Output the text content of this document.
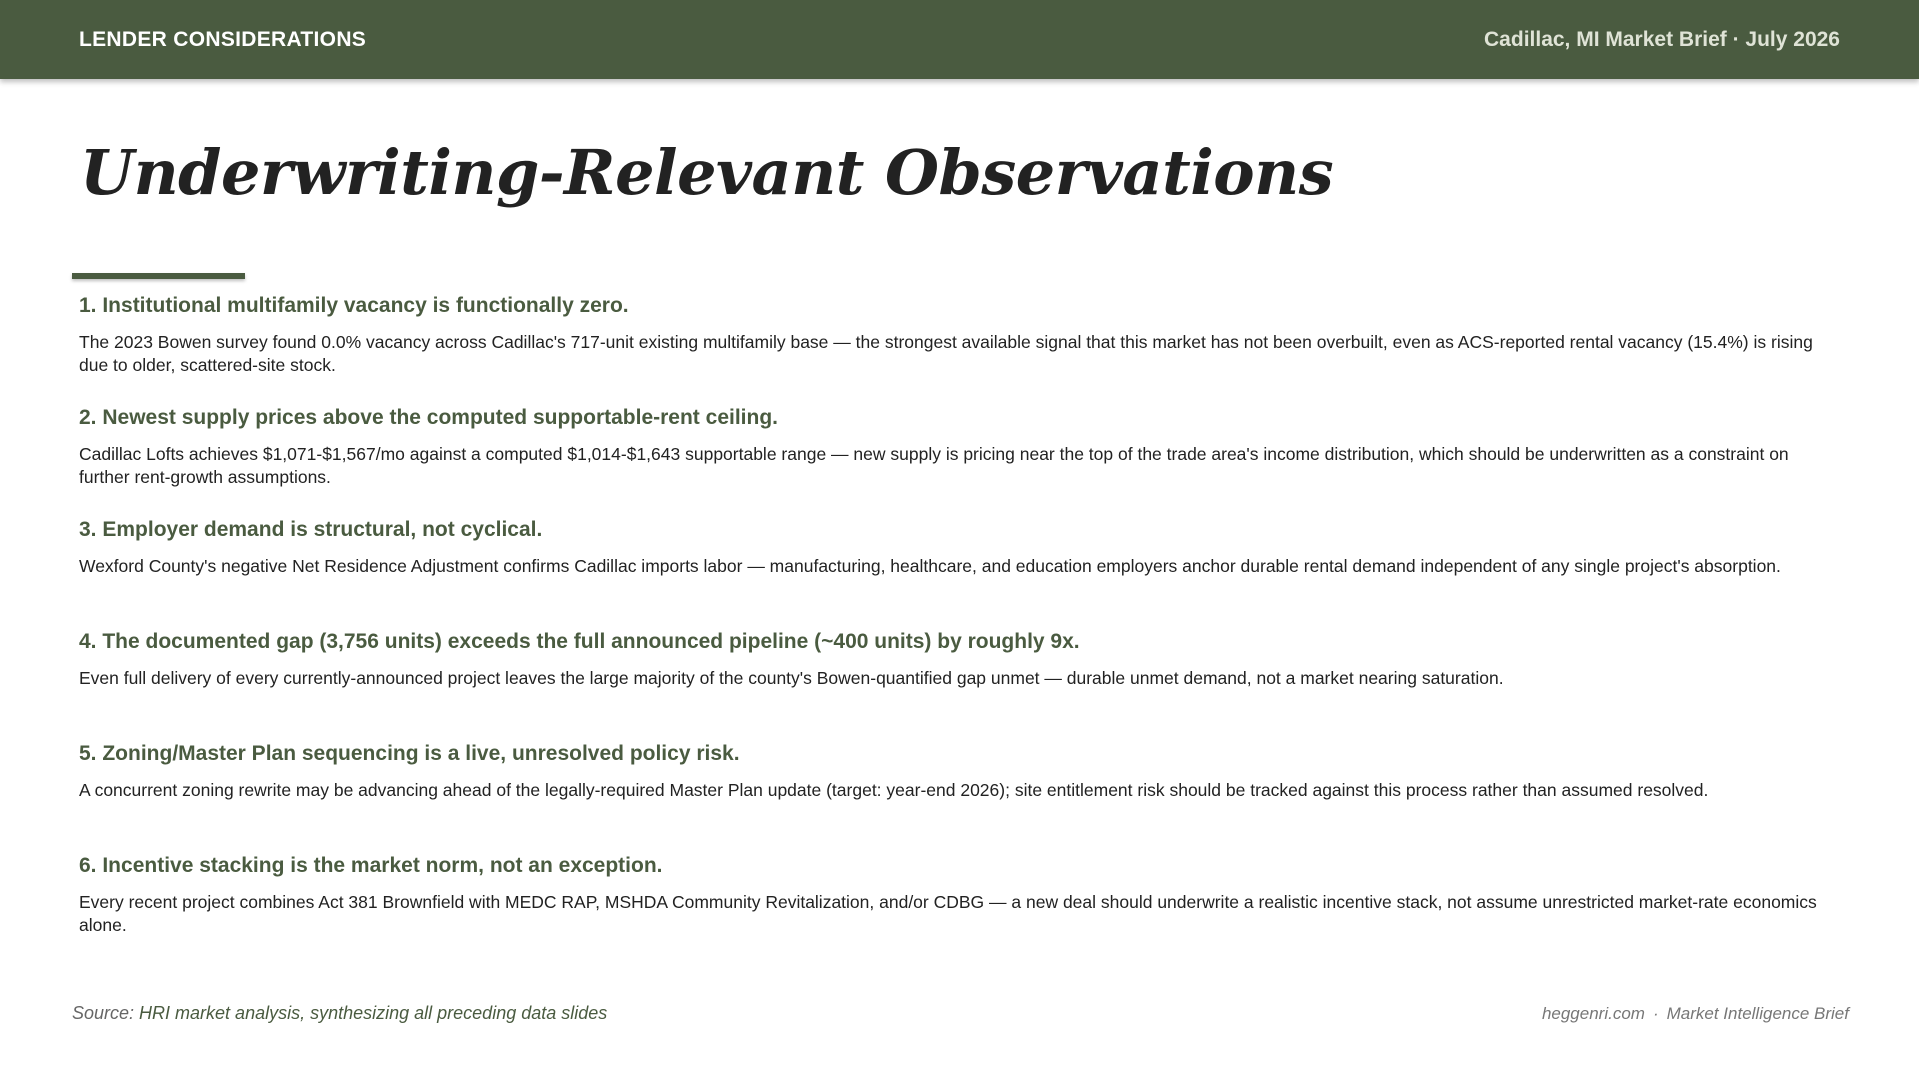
LENDER CONSIDERATIONS	Cadillac, MI Market Brief · July 2026
Underwriting-Relevant Observations

1. Institutional multifamily vacancy is functionally zero.

The 2023 Bowen survey found 0.0% vacancy across Cadillac's 717-unit existing multifamily base — the strongest available signal that this market has not been overbuilt, even as ACS-reported rental vacancy (15.4%) is rising due to older, scattered-site stock.

2. Newest supply prices above the computed supportable-rent ceiling.

Cadillac Lofts achieves $1,071-$1,567/mo against a computed $1,014-$1,643 supportable range — new supply is pricing near the top of the trade area's income distribution, which should be underwritten as a constraint on further rent-growth assumptions.

3. Employer demand is structural, not cyclical.

Wexford County's negative Net Residence Adjustment confirms Cadillac imports labor — manufacturing, healthcare, and education employers anchor durable rental demand independent of any single project's absorption.

4. The documented gap (3,756 units) exceeds the full announced pipeline (~400 units) by roughly 9x.

Even full delivery of every currently-announced project leaves the large majority of the county's Bowen-quantified gap unmet — durable unmet demand, not a market nearing saturation.

5. Zoning/Master Plan sequencing is a live, unresolved policy risk.

A concurrent zoning rewrite may be advancing ahead of the legally-required Master Plan update (target: year-end 2026); site entitlement risk should be tracked against this process rather than assumed resolved.

6. Incentive stacking is the market norm, not an exception.

Every recent project combines Act 381 Brownfield with MEDC RAP, MSHDA Community Revitalization, and/or CDBG — a new deal should underwrite a realistic incentive stack, not assume unrestricted market-rate economics alone.

Source: HRI market analysis, synthesizing all preceding data slides	heggenri.com · Market Intelligence Brief
